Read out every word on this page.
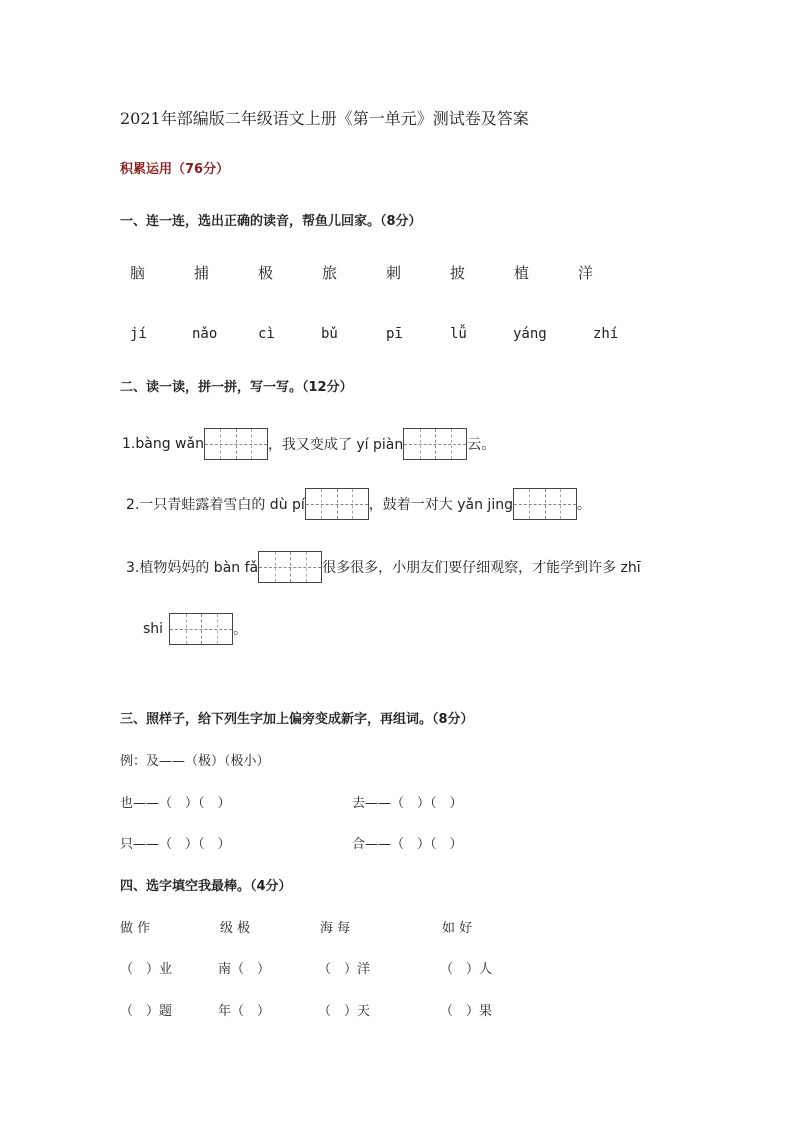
2021年部编版二年级语文上册《第一单元》测试卷及答案
积累运用（76分）
一、连一连，选出正确的读音，帮鱼儿回家。（8分）
脑	捕	极	旅	刺	披	植	洋
jí	nǎo	cì	bǔ	pī	lǚ	yáng	zhí
二、读一读，拼一拼，写一写。（12分）
1.bàng wǎn	，我又变成了 yí piàn	云。
2.一只青蛙露着雪白的 dù pí	，鼓着一对大 yǎn jing	。
3.植物妈妈的 bàn fǎ	很多很多，小朋友们要仔细观察，才能学到许多 zhī
shi	。
三、照样子，给下列生字加上偏旁变成新字，再组词。（8分）
例：及——（极）（极小）
也——（　）（　）	去——（　）（　）
只——（　）（　）	合——（　）（　）
四、选字填空我最棒。（4分）
做 作	级 极	海 每	如 好
（　）业	南（　）	（　）洋	（　）人
（　）题	年（　）	（　）天	（　）果
